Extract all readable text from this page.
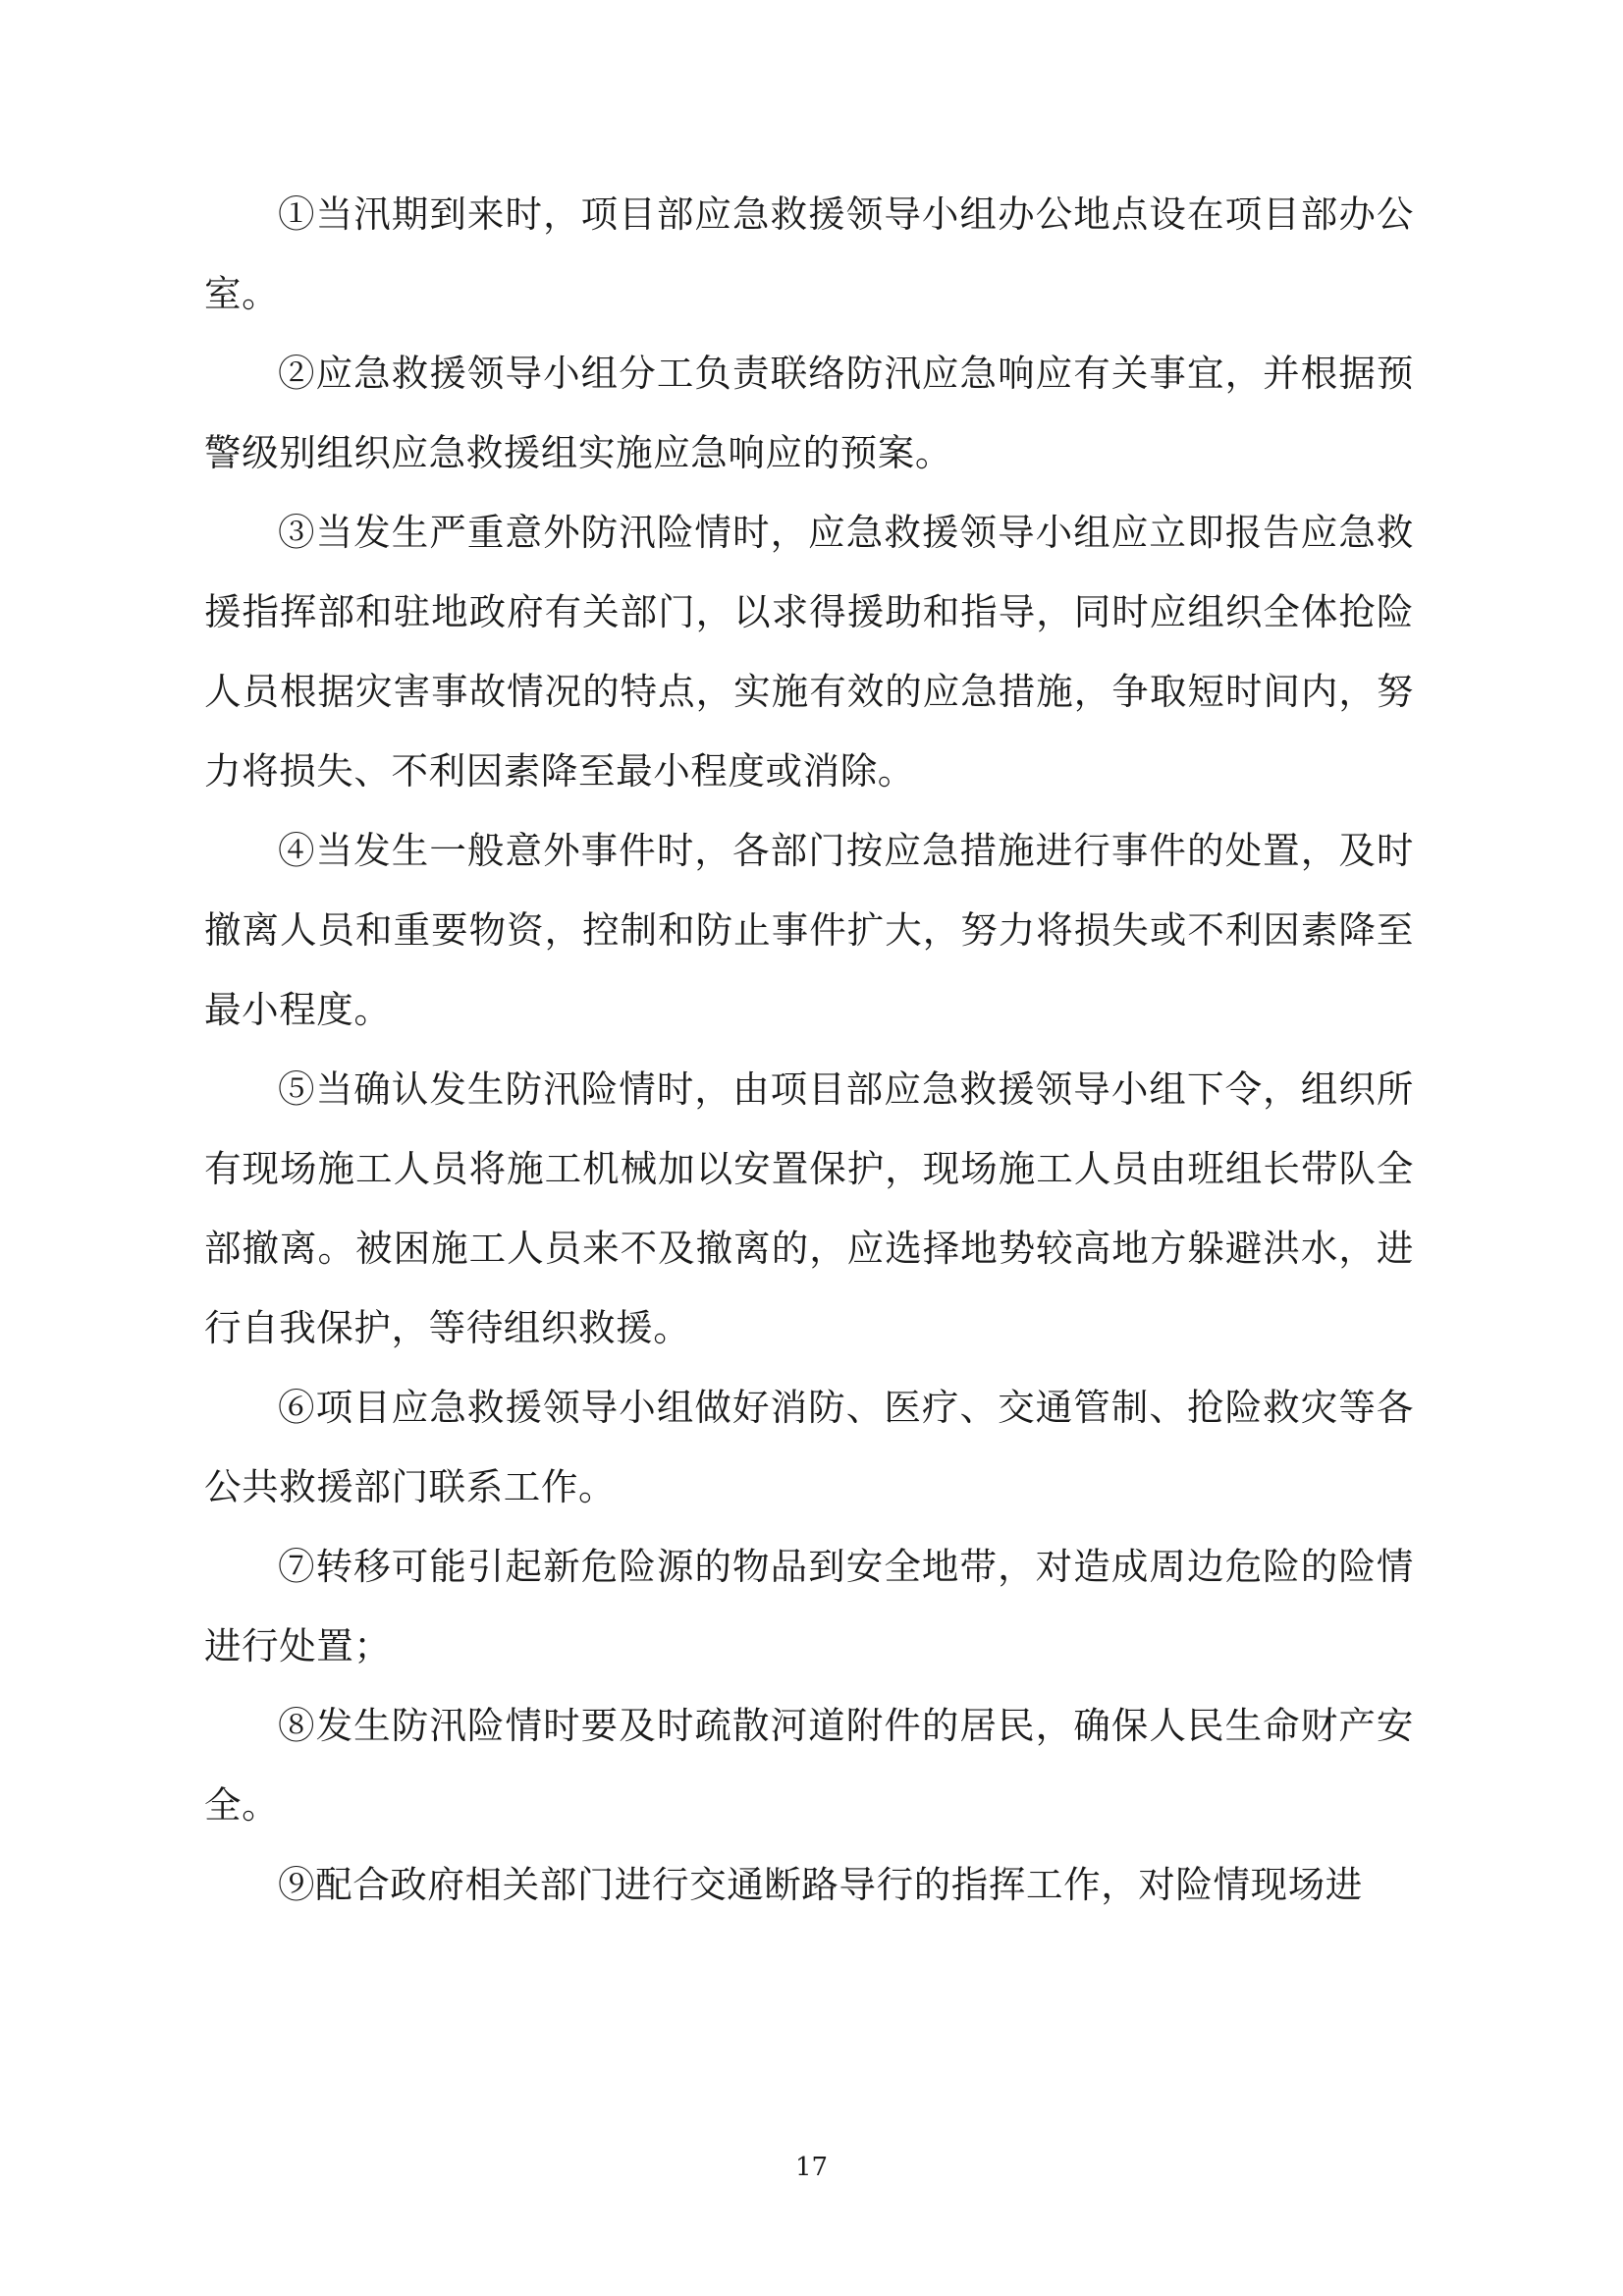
①当汛期到来时，项目部应急救援领导小组办公地点设在项目部办公室。

②应急救援领导小组分工负责联络防汛应急响应有关事宜，并根据预警级别组织应急救援组实施应急响应的预案。

③当发生严重意外防汛险情时，应急救援领导小组应立即报告应急救援指挥部和驻地政府有关部门，以求得援助和指导，同时应组织全体抢险人员根据灾害事故情况的特点，实施有效的应急措施，争取短时间内，努力将损失、不利因素降至最小程度或消除。

④当发生一般意外事件时，各部门按应急措施进行事件的处置，及时撤离人员和重要物资，控制和防止事件扩大，努力将损失或不利因素降至最小程度。

⑤当确认发生防汛险情时，由项目部应急救援领导小组下令，组织所有现场施工人员将施工机械加以安置保护，现场施工人员由班组长带队全部撤离。被困施工人员来不及撤离的，应选择地势较高地方躲避洪水，进行自我保护，等待组织救援。

⑥项目应急救援领导小组做好消防、医疗、交通管制、抢险救灾等各公共救援部门联系工作。

⑦转移可能引起新危险源的物品到安全地带，对造成周边危险的险情进行处置；

⑧发生防汛险情时要及时疏散河道附件的居民，确保人民生命财产安全。

⑨配合政府相关部门进行交通断路导行的指挥工作，对险情现场进

17
